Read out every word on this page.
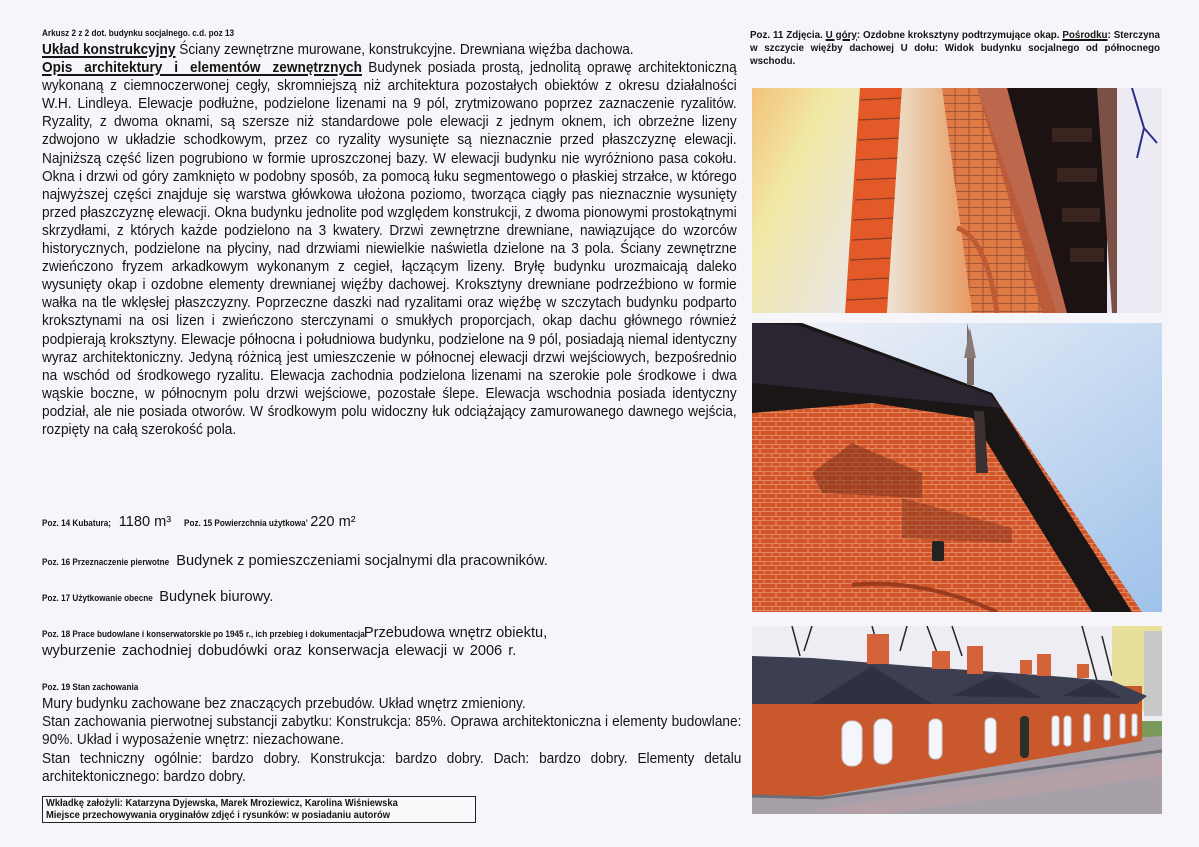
Arkusz 2 z 2 dot. budynku socjalnego. c.d. poz 13
Układ konstrukcyjny Ściany zewnętrzne murowane, konstrukcyjne. Drewniana więźba dachowa.
Opis architektury i elementów zewnętrznych Budynek posiada prostą, jednolitą oprawę architektoniczną wykonaną z ciemnoczerwonej cegły, skromniejszą niż architektura pozostałych obiektów z okresu działalności W.H. Lindleya. Elewacje podłużne, podzielone lizenami na 9 pól, zrytmizowano poprzez zaznaczenie ryzalitów. Ryzality, z dwoma oknami, są szersze niż standardowe pole elewacji z jednym oknem, ich obrzeżne lizeny zdwojono w układzie schodkowym, przez co ryzality wysunięte są nieznacznie przed płaszczyznę elewacji. Najniższą część lizen pogrubiono w formie uproszczonej bazy. W elewacji budynku nie wyróżniono pasa cokołu. Okna i drzwi od góry zamknięto w podobny sposób, za pomocą łuku segmentowego o płaskiej strzałce, w którego najwyższej części znajduje się warstwa główkowa ułożona poziomo, tworząca ciągły pas nieznacznie wysunięty przed płaszczyznę elewacji. Okna budynku jednolite pod względem konstrukcji, z dwoma pionowymi prostokątnymi skrzydłami, z których każde podzielono na 3 kwatery. Drzwi zewnętrzne drewniane, nawiązujące do wzorców historycznych, podzielone na płyciny, nad drzwiami niewielkie naświetla dzielone na 3 pola. Ściany zewnętrzne zwieńczono fryzem arkadkowym wykonanym z cegieł, łączącym lizeny. Bryłę budynku urozmaicają daleko wysunięty okap i ozdobne elementy drewnianej więźby dachowej. Kroksztyny drewniane podrzeźbiono w formie wałka na tle wklęsłej płaszczyzny. Poprzeczne daszki nad ryzalitami oraz więźbę w szczytach budynku podparto kroksztynami na osi lizen i zwieńczono sterczynami o smukłych proporcjach, okap dachu głównego również podpierają kroksztyny. Elewacje północna i południowa budynku, podzielone na 9 pól, posiadają niemal identyczny wyraz architektoniczny. Jedyną różnicą jest umieszczenie w północnej elewacji drzwi wejściowych, bezpośrednio na wschód od środkowego ryzalitu. Elewacja zachodnia podzielona lizenami na szerokie pole środkowe i dwa wąskie boczne, w północnym polu drzwi wejściowe, pozostałe ślepe. Elewacja wschodnia posiada identyczny podział, ale nie posiada otworów. W środkowym polu widoczny łuk odciążający zamurowanego dawnego wejścia, rozpięty na całą szerokość pola.
Poz. 14 Kubatura; 1180 m³ Poz. 15 Powierzchnia użytkowa’ 220 m²
Poz. 16 Przeznaczenie pierwotne Budynek z pomieszczeniami socjalnymi dla pracowników.
Poz. 17 Użytkowanie obecne Budynek biurowy.
Poz. 18 Prace budowlane i konserwatorskie po 1945 r., ich przebieg i dokumentacja Przebudowa wnętrz obiektu,
wyburzenie zachodniej dobudówki oraz konserwacja elewacji w 2006 r.
Poz. 19 Stan zachowania
Mury budynku zachowane bez znaczących przebudów. Układ wnętrz zmieniony.
Stan zachowania pierwotnej substancji zabytku: Konstrukcja: 85%. Oprawa architektoniczna i elementy budowlane: 90%. Układ i wyposażenie wnętrz: niezachowane.
Stan techniczny ogólnie: bardzo dobry. Konstrukcja: bardzo dobry. Dach: bardzo dobry. Elementy detalu architektonicznego: bardzo dobry.
Wkładkę założyli: Katarzyna Dyjewska, Marek Mroziewicz, Karolina Wiśniewska
Miejsce przechowywania oryginałów zdjęć i rysunków: w posiadaniu autorów
Poz. 11 Zdjęcia. U góry: Ozdobne kroksztyny podtrzymujące okap. Pośrodku: Sterczyna w szczycie więźby dachowej U dołu: Widok budynku socjalnego od północnego wschodu.
